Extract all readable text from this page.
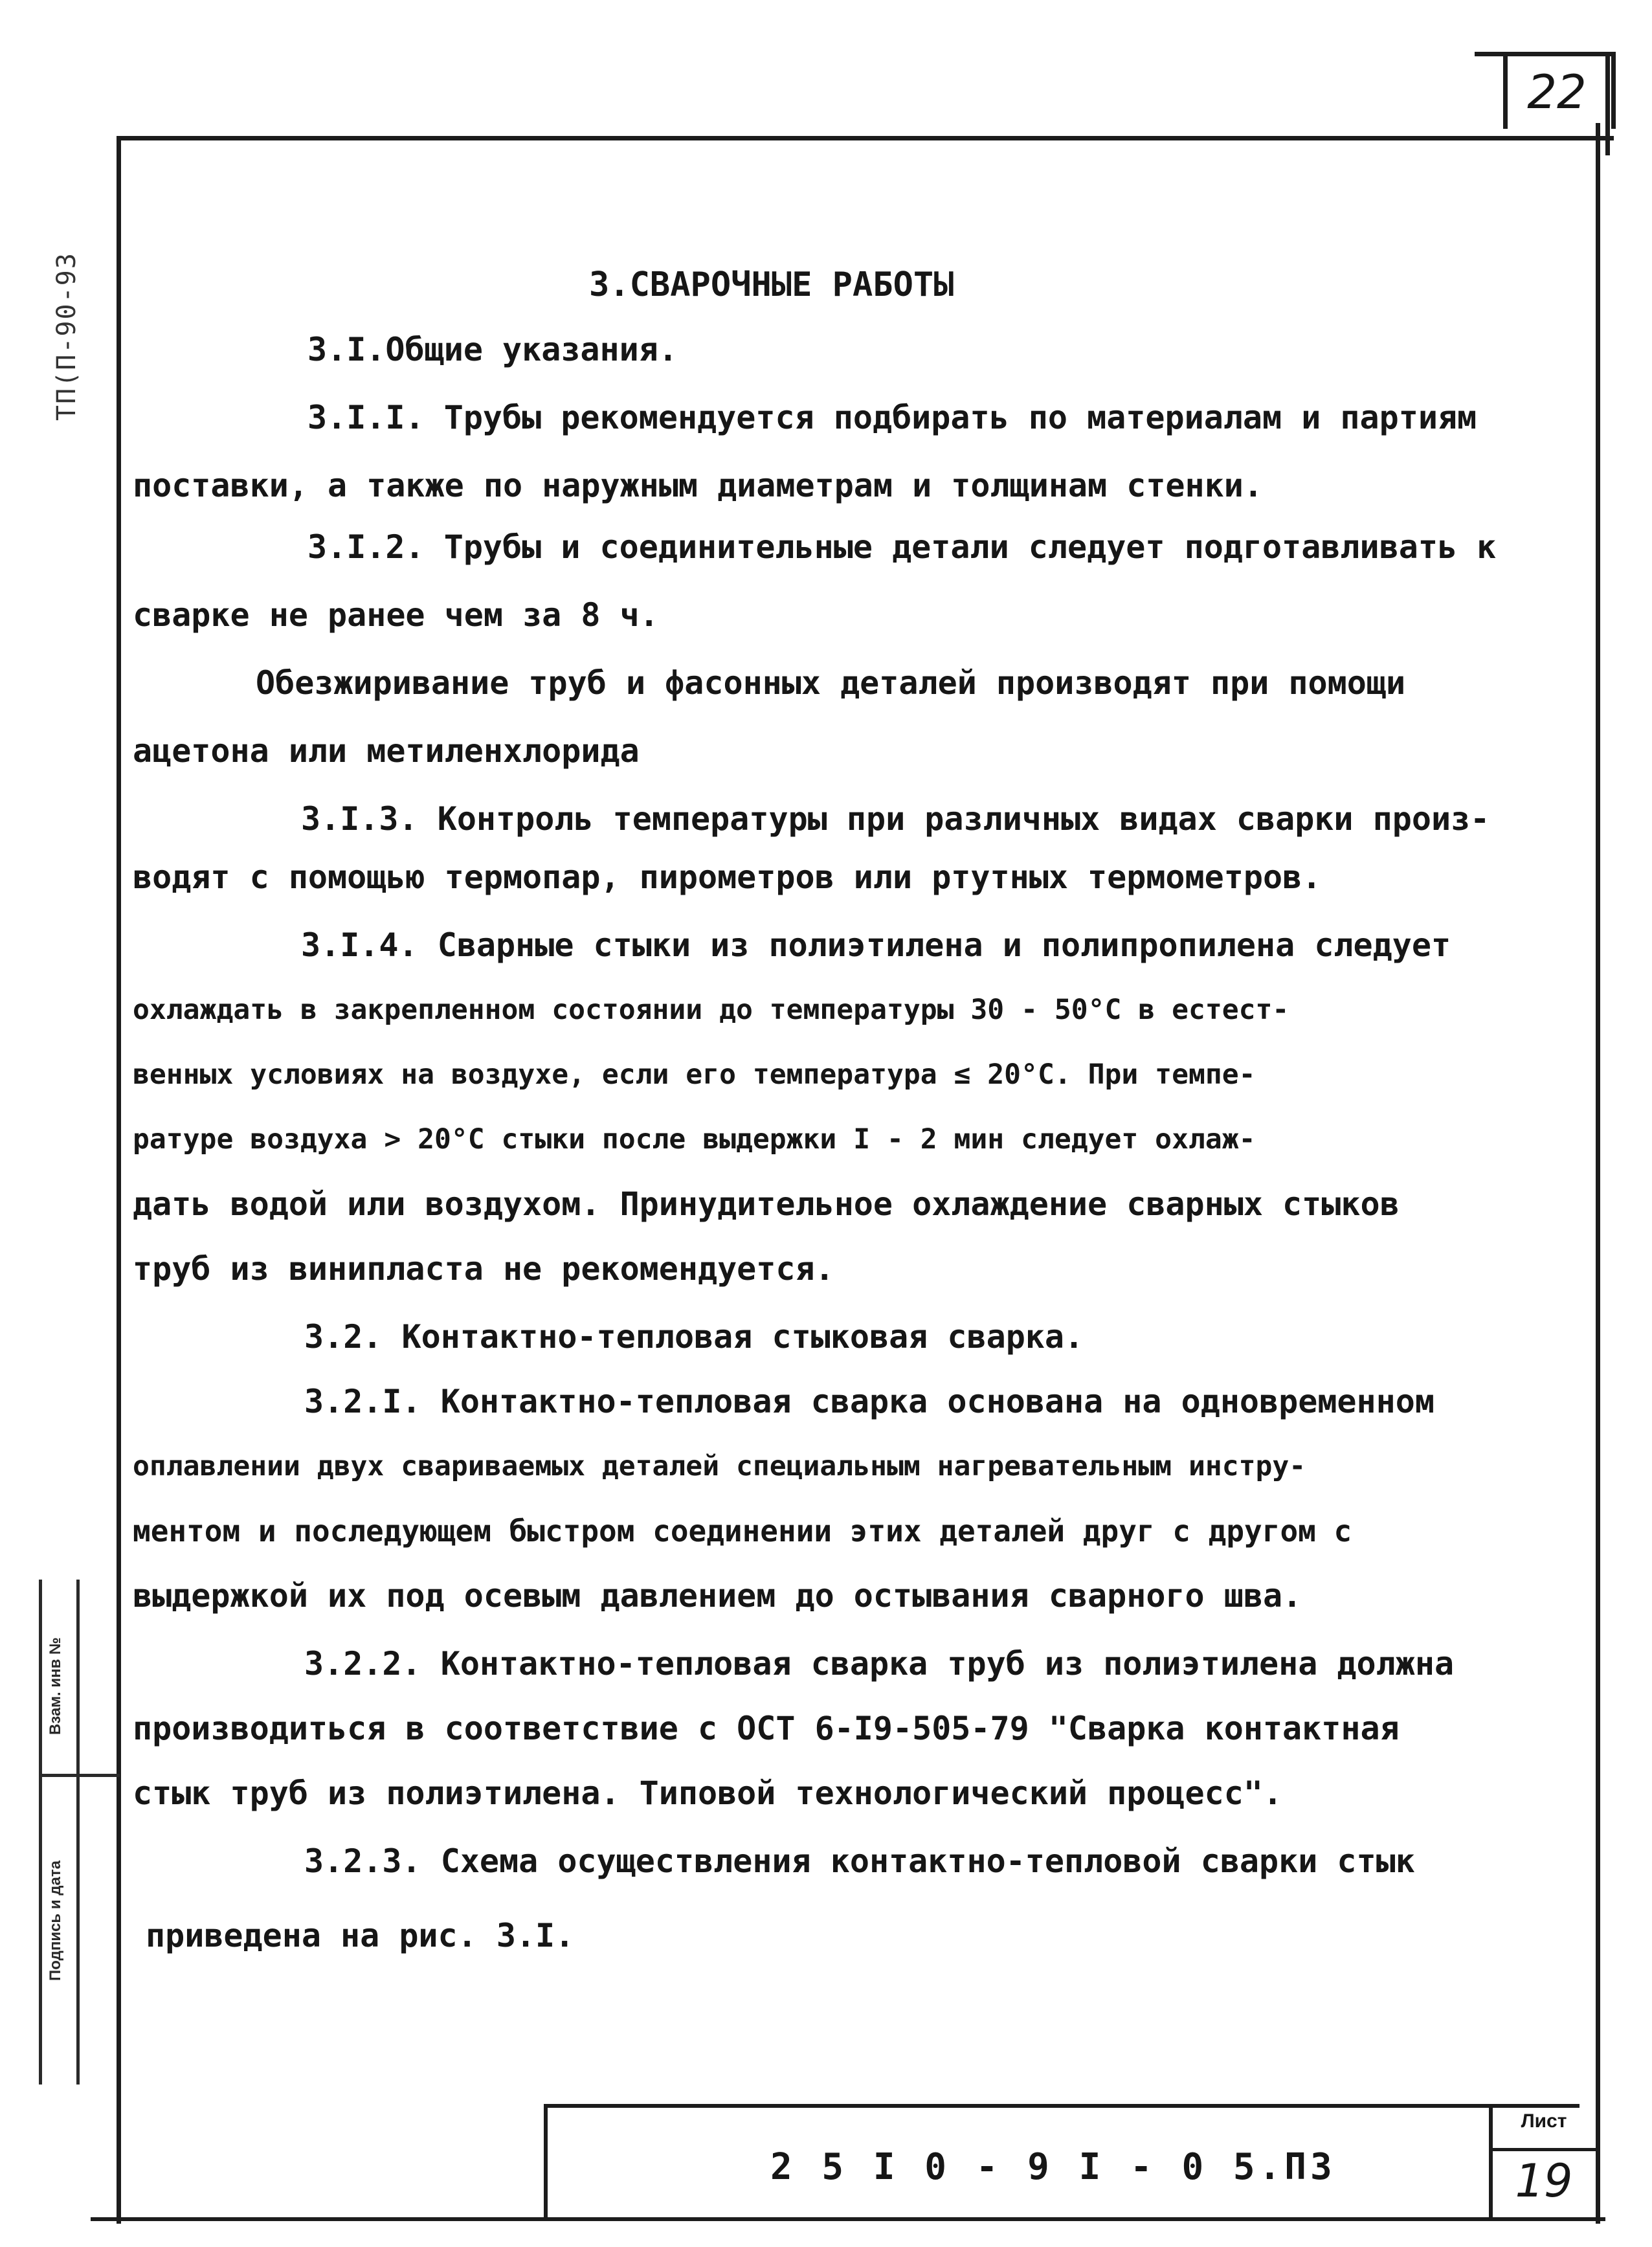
22
ТП(П-90-93
Взам. инв №
Подпись и дата
3.СВАРОЧНЫЕ РАБОТЫ
3.I.Общие указания.
3.I.I. Трубы рекомендуется подбирать по материалам и партиям
поставки, а также по наружным диаметрам и толщинам стенки.
3.I.2. Трубы и соединительные детали следует подготавливать к
сварке не ранее чем за 8 ч.
Обезжиривание труб и фасонных деталей производят при помощи
ацетона или метиленхлорида
3.I.3. Контроль температуры при различных видах сварки произ-
водят с помощью термопар, пирометров или ртутных термометров.
3.I.4. Сварные стыки из полиэтилена и полипропилена следует
охлаждать в закрепленном состоянии до температуры 30 - 50°C в естест-
венных условиях на воздухе, если его температура ≤ 20°C. При темпе-
ратуре воздуха > 20°C стыки после выдержки I - 2 мин следует охлаж-
дать водой или воздухом. Принудительное охлаждение сварных стыков
труб из винипласта не рекомендуется.
3.2. Контактно-тепловая стыковая сварка.
3.2.I. Контактно-тепловая сварка основана на одновременном
оплавлении двух свариваемых деталей специальным нагревательным инстру-
ментом и последующем быстром соединении этих деталей друг с другом с
выдержкой их под осевым давлением до остывания сварного шва.
3.2.2. Контактно-тепловая сварка труб из полиэтилена должна
производиться в соответствие с ОСТ 6-I9-505-79 "Сварка контактная
стык труб из полиэтилена. Типовой технологический процесс".
3.2.3. Схема осуществления контактно-тепловой сварки стык
приведена на рис. 3.I.
2 5 I 0 - 9 I - 0 5.ПЗ
Лист
19
